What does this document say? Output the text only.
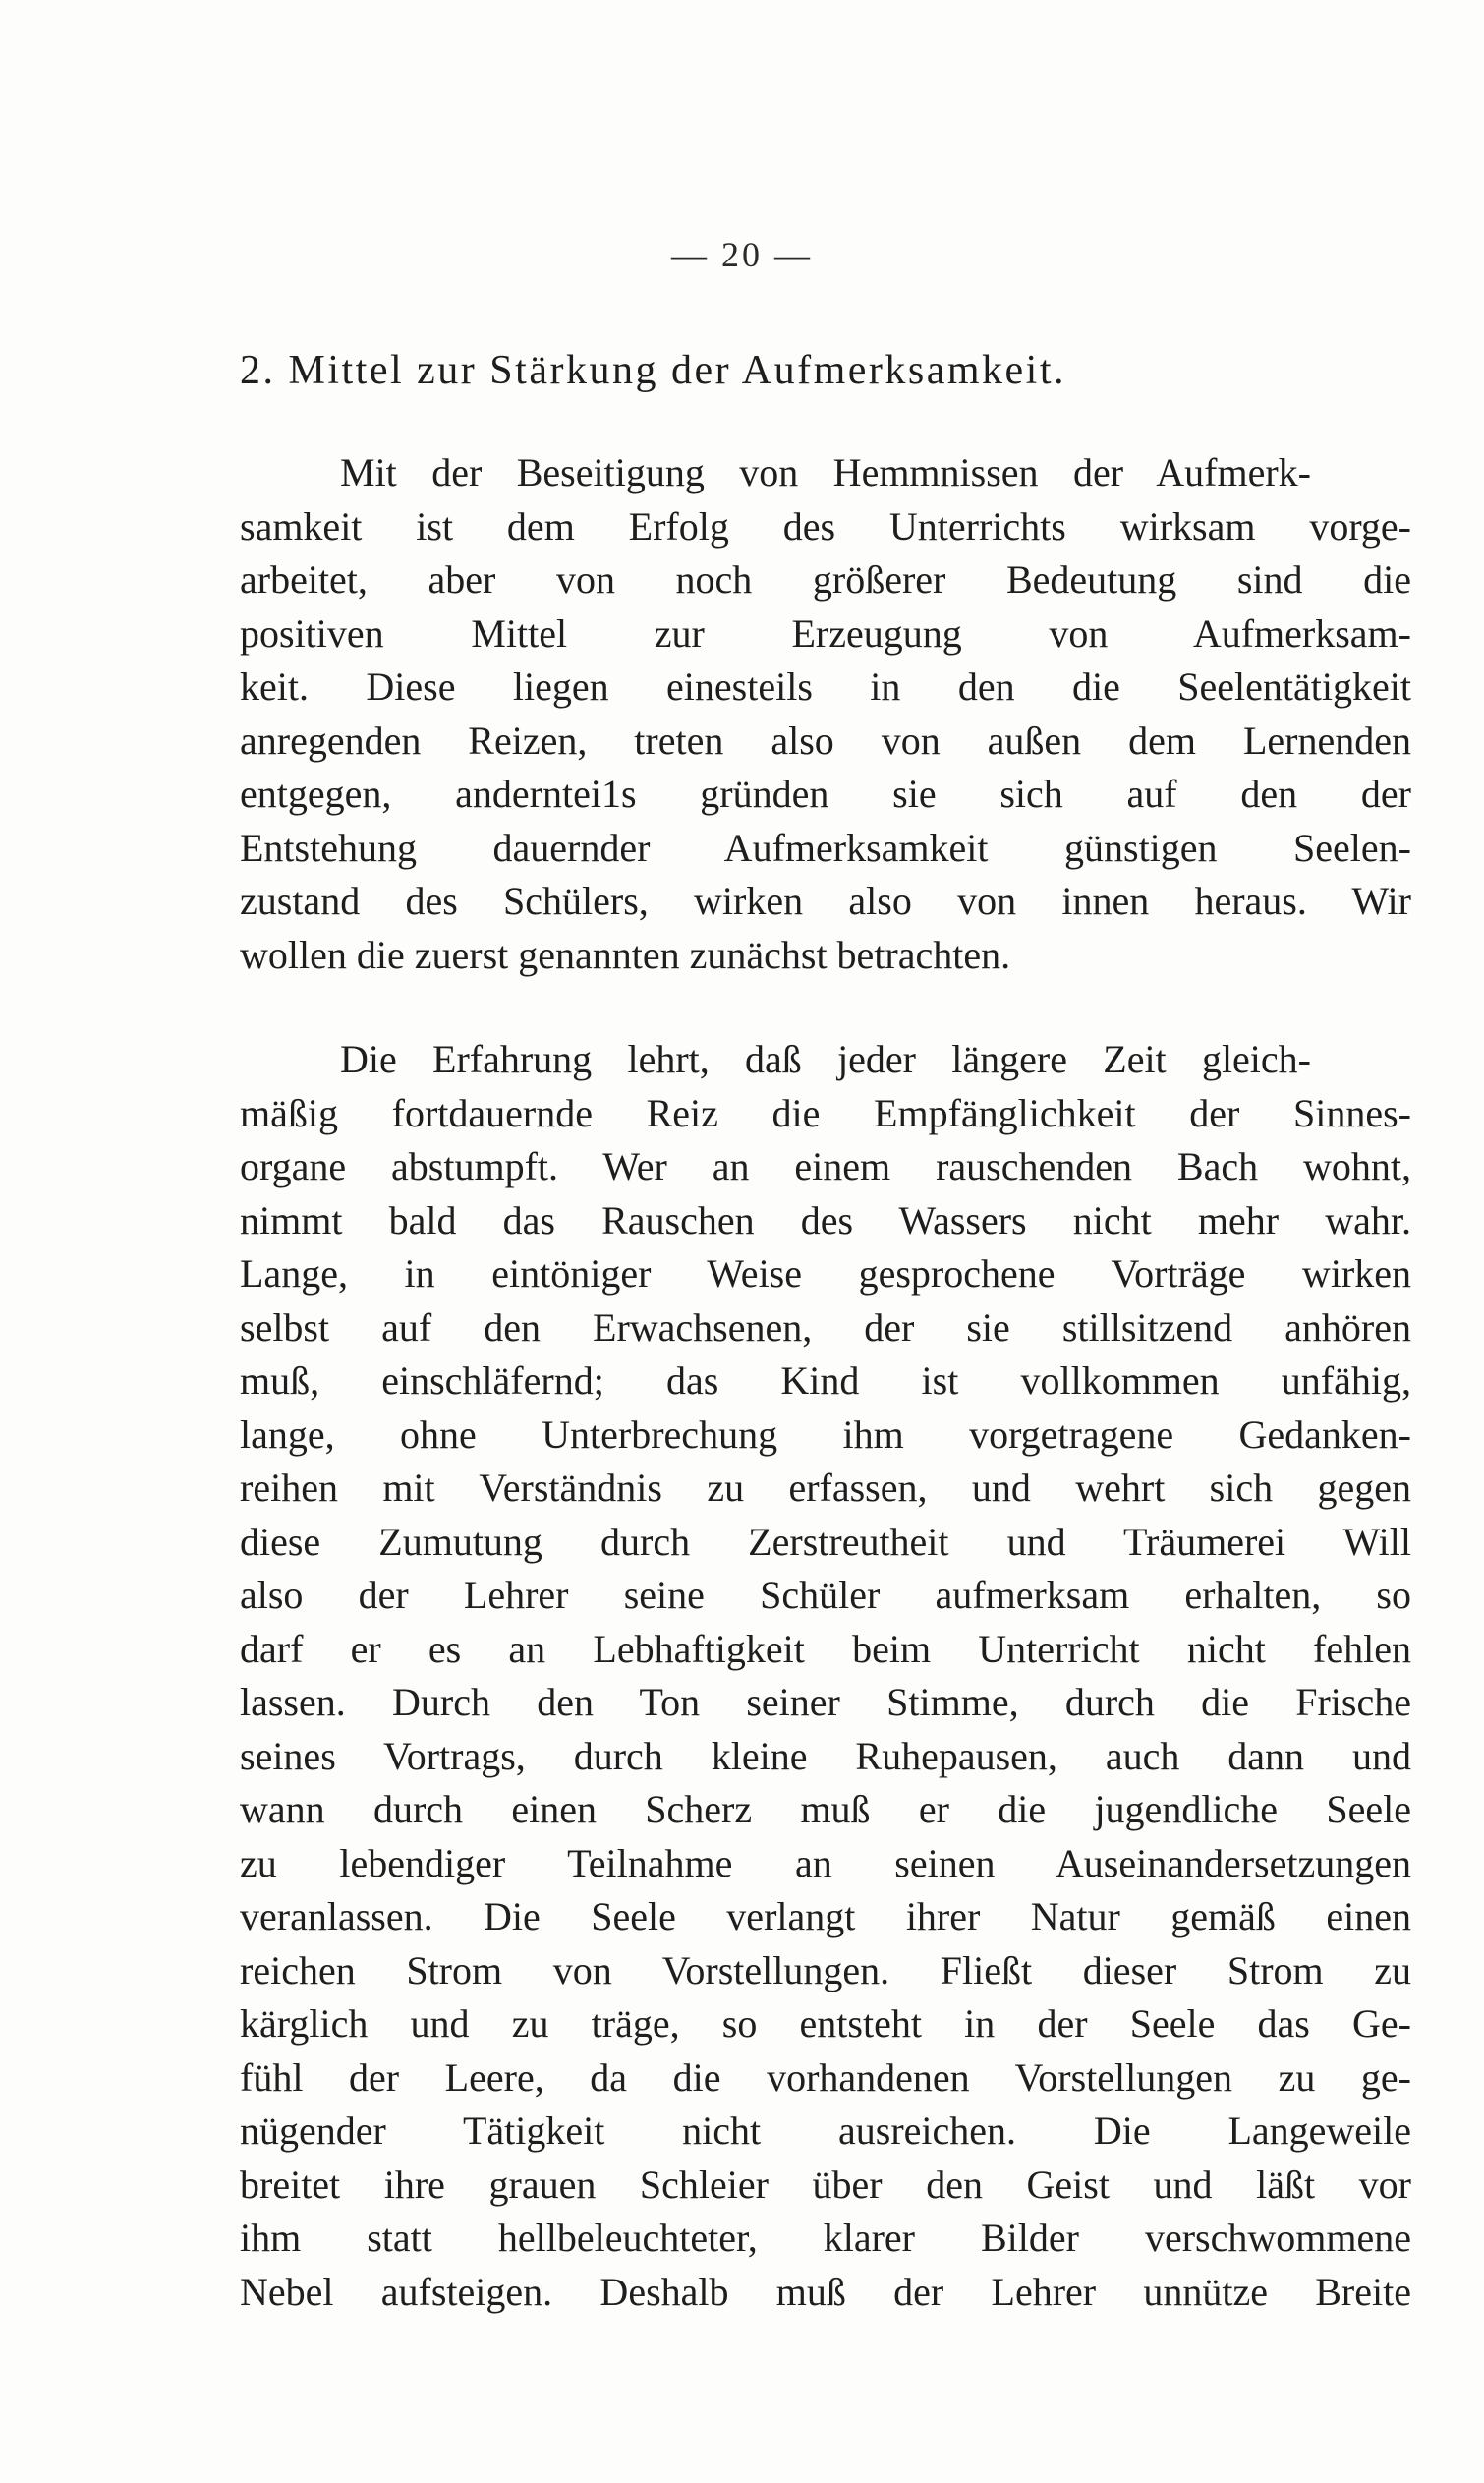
— 20 —
2. Mittel zur Stärkung der Aufmerksamkeit.
Mit der Beseitigung von Hemmnissen der Aufmerk-
samkeit ist dem Erfolg des Unterrichts wirksam vorge-
arbeitet, aber von noch größerer Bedeutung sind die
positiven Mittel zur Erzeugung von Aufmerksam-
keit. Diese liegen einesteils in den die Seelentätigkeit
anregenden Reizen, treten also von außen dem Lernenden
entgegen, anderntei1s gründen sie sich auf den der
Entstehung dauernder Aufmerksamkeit günstigen Seelen-
zustand des Schülers, wirken also von innen heraus. Wir
wollen die zuerst genannten zunächst betrachten.
Die Erfahrung lehrt, daß jeder längere Zeit gleich-
mäßig fortdauernde Reiz die Empfänglichkeit der Sinnes-
organe abstumpft. Wer an einem rauschenden Bach wohnt,
nimmt bald das Rauschen des Wassers nicht mehr wahr.
Lange, in eintöniger Weise gesprochene Vorträge wirken
selbst auf den Erwachsenen, der sie stillsitzend anhören
muß, einschläfernd; das Kind ist vollkommen unfähig,
lange, ohne Unterbrechung ihm vorgetragene Gedanken-
reihen mit Verständnis zu erfassen, und wehrt sich gegen
diese Zumutung durch Zerstreutheit und Träumerei Will
also der Lehrer seine Schüler aufmerksam erhalten, so
darf er es an Lebhaftigkeit beim Unterricht nicht fehlen
lassen. Durch den Ton seiner Stimme, durch die Frische
seines Vortrags, durch kleine Ruhepausen, auch dann und
wann durch einen Scherz muß er die jugendliche Seele
zu lebendiger Teilnahme an seinen Auseinandersetzungen
veranlassen. Die Seele verlangt ihrer Natur gemäß einen
reichen Strom von Vorstellungen. Fließt dieser Strom zu
kärglich und zu träge, so entsteht in der Seele das Ge-
fühl der Leere, da die vorhandenen Vorstellungen zu ge-
nügender Tätigkeit nicht ausreichen. Die Langeweile
breitet ihre grauen Schleier über den Geist und läßt vor
ihm statt hellbeleuchteter, klarer Bilder verschwommene
Nebel aufsteigen. Deshalb muß der Lehrer unnütze Breite
